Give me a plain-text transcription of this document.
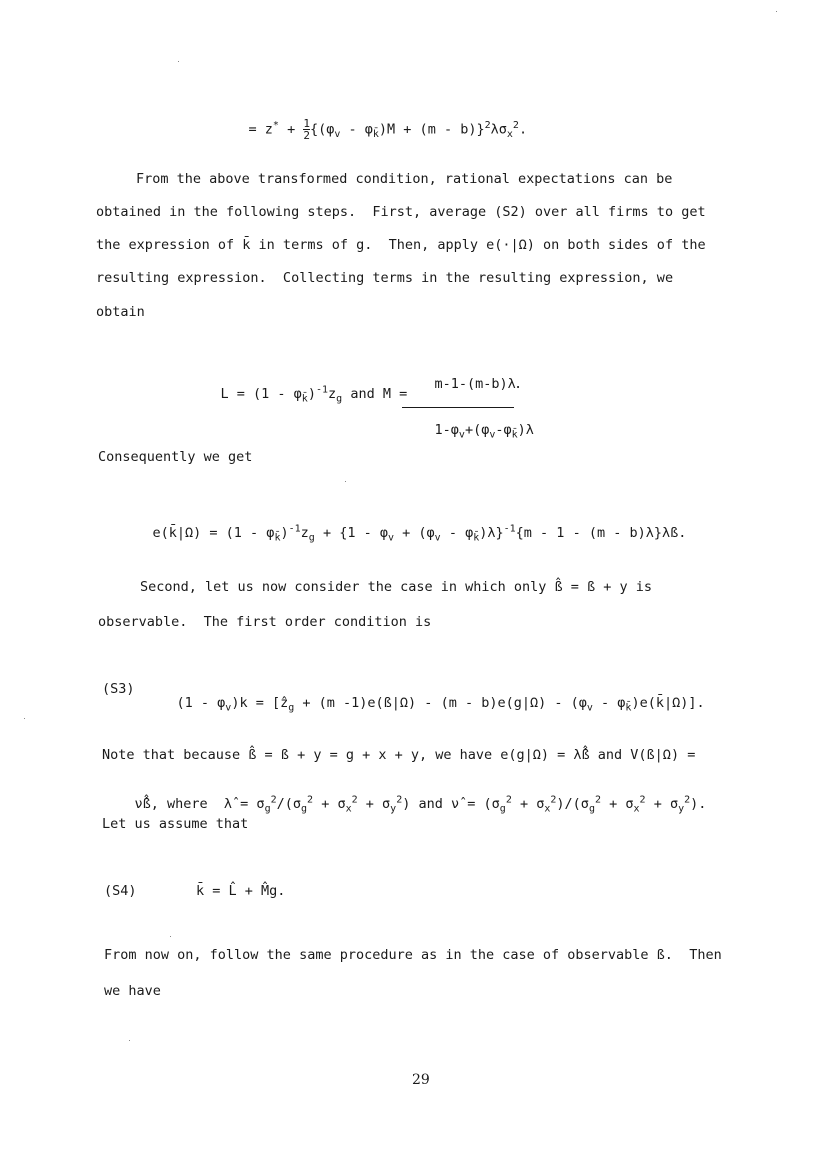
= $z^* + \frac{1}{2} \{(\varphi_v - \varphi_{k̄})M + (m - b)\}^2\lambda\sigma_x^2$.

From the above transformed condition, rational expectations can be
obtained in the following steps.  First, average (S2) over all firms to get
the expression of k̄ in terms of g.  Then, apply e(·|Ω) on both sides of the
resulting expression.  Collecting terms in the resulting expression, we
obtain

$L = (1 - \varphi_{k̄})^{-1}z_g$ and M =

m-1-(m-b)λ

$1-\varphi_v+(\varphi_v-\varphi_{k̄})\lambda$

.
Consequently we get

e(k̄|Ω) = $(1 - \varphi_{k̄})^{-1}z_g + \{1 - \varphi_v + (\varphi_v - \varphi_{k̄})\lambda\}^{-1}\{m - 1 - (m$ - b)λ}λß.

Second, let us now consider the case in which only ß̂ = ß + y is
observable.  The first order condition is
(S3)

$(1 - \varphi_v)k$ = [ẑ$_g$ + (m -1)e(ß|Ω) - $(m - b)e(g|\Omega) - (\varphi_v$ - $\varphi_{k̄})e(k̄|\Omega)$].

Note that because ß̂ = ß + y = g + x + y, we have e(g|Ω) = λ̂ß̂ and V(ß|Ω) =

ν̂ß̂, where  λ̂ = $\sigma_g^2/(\sigma_g^2 + \sigma_x^2 + \sigma_y^2)$ and ν̂ = $(\sigma_g^2 + \sigma_x^2)/(\sigma_g^2 + \sigma_x^2 + \sigma_y^2)$.

Let us assume that
(S4)	k̄ = L̂ + M̂g.
From now on, follow the same procedure as in the case of observable ß.  Then
we have
29
